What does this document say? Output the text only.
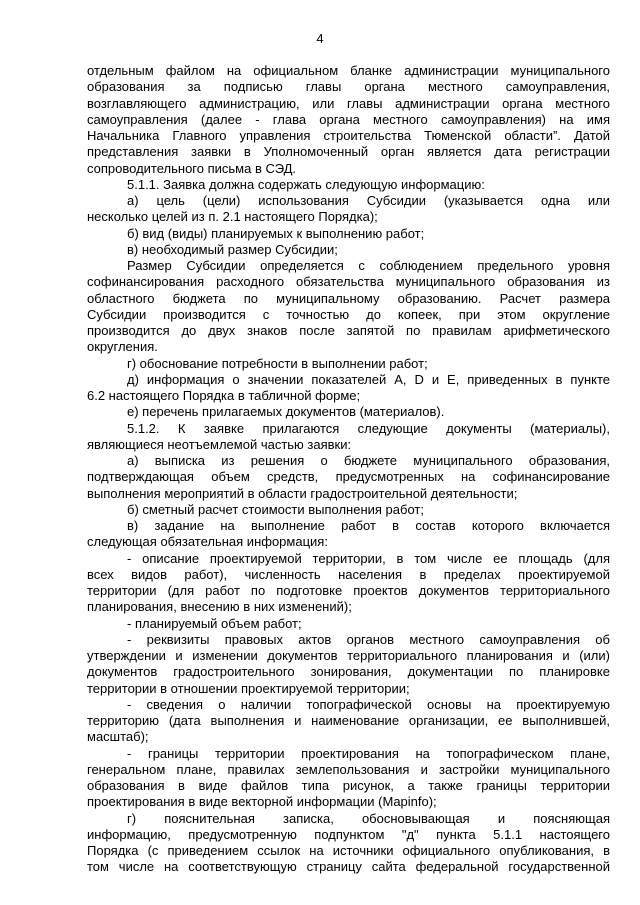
4
отдельным файлом на официальном бланке администрации муниципального
образования за подписью главы органа местного самоуправления,
возглавляющего администрацию, или главы администрации органа местного
самоуправления (далее - глава органа местного самоуправления) на имя
Начальника Главного управления строительства Тюменской области”. Датой
представления заявки в Уполномоченный орган является дата регистрации
сопроводительного письма в СЭД.
5.1.1. Заявка должна содержать следующую информацию:
а) цель (цели) использования Субсидии (указывается одна или
несколько целей из п. 2.1 настоящего Порядка);
б) вид (виды) планируемых к выполнению работ;
в) необходимый размер Субсидии;
Размер Субсидии определяется с соблюдением предельного уровня
софинансирования расходного обязательства муниципального образования из
областного бюджета по муниципальному образованию. Расчет размера
Субсидии производится с точностью до копеек, при этом округление
производится до двух знаков после запятой по правилам арифметического
округления.
г) обоснование потребности в выполнении работ;
д) информация о значении показателей A, D и E, приведенных в пункте
6.2 настоящего Порядка в табличной форме;
е) перечень прилагаемых документов (материалов).
5.1.2. К заявке прилагаются следующие документы (материалы),
являющиеся неотъемлемой частью заявки:
а) выписка из решения о бюджете муниципального образования,
подтверждающая объем средств, предусмотренных на софинансирование
выполнения мероприятий в области градостроительной деятельности;
б) сметный расчет стоимости выполнения работ;
в) задание на выполнение работ в состав которого включается
следующая обязательная информация:
- описание проектируемой территории, в том числе ее площадь (для
всех видов работ), численность населения в пределах проектируемой
территории (для работ по подготовке проектов документов территориального
планирования, внесению в них изменений);
- планируемый объем работ;
- реквизиты правовых актов органов местного самоуправления об
утверждении и изменении документов территориального планирования и (или)
документов градостроительного зонирования, документации по планировке
территории в отношении проектируемой территории;
- сведения о наличии топографической основы на проектируемую
территорию (дата выполнения и наименование организации, ее выполнившей,
масштаб);
- границы территории проектирования на топографическом плане,
генеральном плане, правилах землепользования и застройки муниципального
образования в виде файлов типа рисунок, а также границы территории
проектирования в виде векторной информации (Mapinfo);
г) пояснительная записка, обосновывающая и поясняющая
информацию, предусмотренную подпунктом "д" пункта 5.1.1 настоящего
Порядка (с приведением ссылок на источники официального опубликования, в
том числе на соответствующую страницу сайта федеральной государственной
